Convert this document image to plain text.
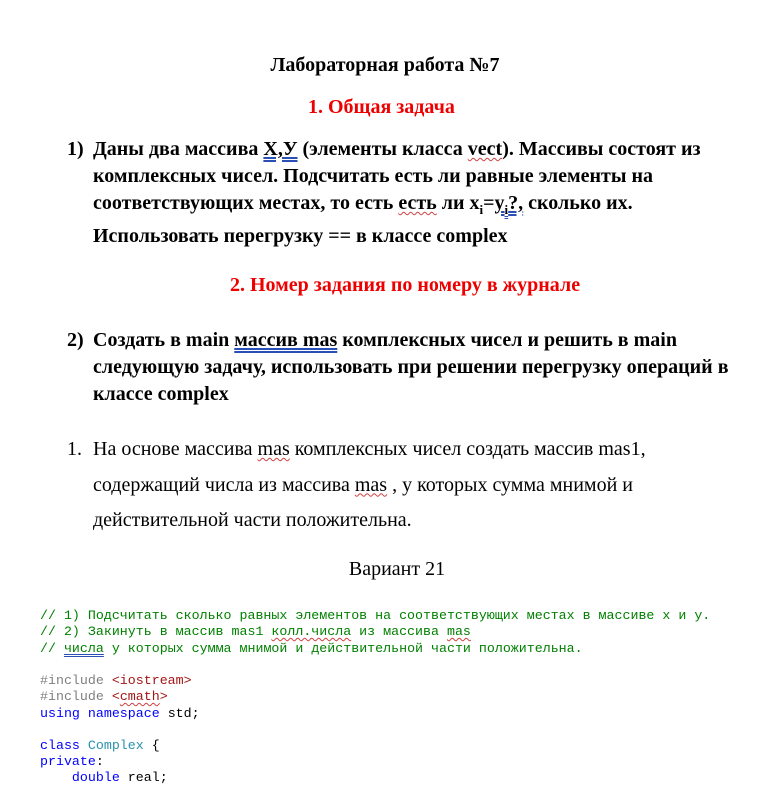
Лабораторная работа №7
1. Общая задача
1) Даны два массива Х,У (элементы класса vect). Массивы состоят из комплексных чисел. Подсчитать есть ли равные элементы на соответствующих местах, то есть есть ли $x_i=y_i$?, сколько их. Использовать перегрузку == в классе complex
2. Номер задания по номеру в журнале
2) Создать в main массив mas комплексных чисел и решить в main следующую задачу, использовать при решении перегрузку операций в классе complex
1. На основе массива mas комплексных чисел создать массив mas1, содержащий числа из массива mas , у которых сумма мнимой и действительной части положительна.
Вариант 21
// 1) Подсчитать сколько равных элементов на соответствующих местах в массиве x и y.
// 2) Закинуть в массив mas1 колл.числа из массива mas
// числа у которых сумма мнимой и действительной части положительна.
#include <iostream>
#include <cmath>
using namespace std;
class Complex {
private:
double real;
